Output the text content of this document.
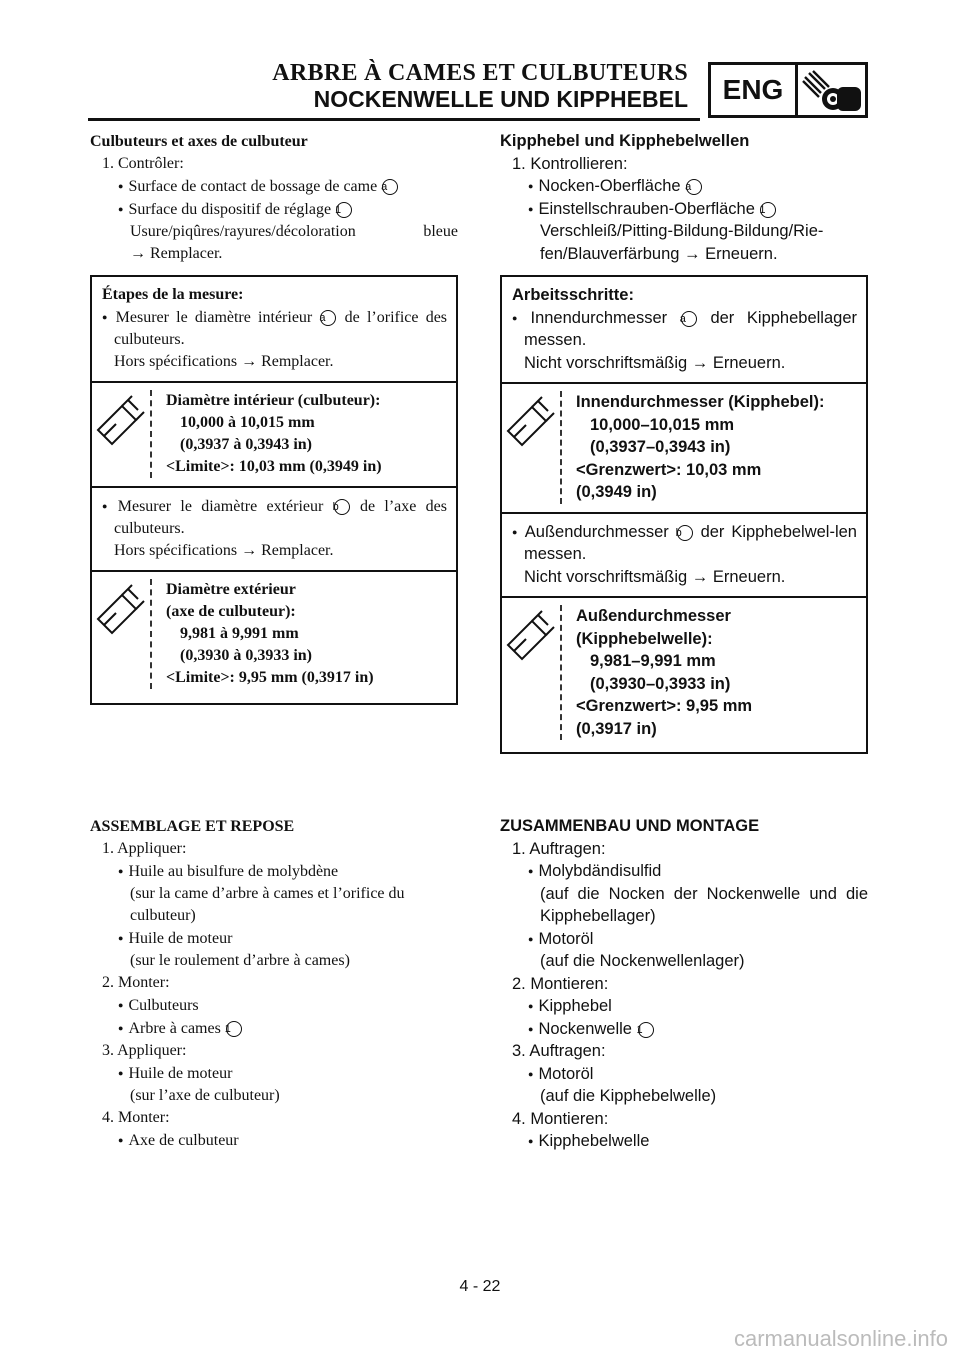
ARBRE À CAMES ET CULBUTEURS
NOCKENWELLE UND KIPPHEBEL	ENG
Culbuteurs et axes de culbuteur
1. Contrôler:
● Surface de contact de bossage de came a
● Surface du dispositif de réglage 1
Usure/piqûres/rayures/décoloration bleue
→ Remplacer.
Étapes de la mesure:
● Mesurer le diamètre intérieur a de l’orifice des culbuteurs.
Hors spécifications → Remplacer.
Diamètre intérieur (culbuteur):
10,000 à 10,015 mm
(0,3937 à 0,3943 in)
<Limite>: 10,03 mm (0,3949 in)
● Mesurer le diamètre extérieur b de l’axe des culbuteurs.
Hors spécifications → Remplacer.
Diamètre extérieur
(axe de culbuteur):
9,981 à 9,991 mm
(0,3930 à 0,3933 in)
<Limite>: 9,95 mm (0,3917 in)
ASSEMBLAGE ET REPOSE
1. Appliquer:
● Huile au bisulfure de molybdène
(sur la came d’arbre à cames et l’orifice du culbuteur)
● Huile de moteur
(sur le roulement d’arbre à cames)
2. Monter:
● Culbuteurs
● Arbre à cames 1
3. Appliquer:
● Huile de moteur
(sur l’axe de culbuteur)
4. Monter:
● Axe de culbuteur
Kipphebel und Kipphebelwellen
1. Kontrollieren:
● Nocken-Oberfläche a
● Einstellschrauben-Oberfläche 1
Verschleiß/Pitting-Bildung-Bildung/Rie-fen/Blauverfärbung → Erneuern.
Arbeitsschritte:
● Innendurchmesser a der Kipphebellager messen.
Nicht vorschriftsmäßig → Erneuern.
Innendurchmesser (Kipphebel):
10,000–10,015 mm
(0,3937–0,3943 in)
<Grenzwert>: 10,03 mm
(0,3949 in)
● Außendurchmesser b der Kipphebelwel-len messen.
Nicht vorschriftsmäßig → Erneuern.
Außendurchmesser
(Kipphebelwelle):
9,981–9,991 mm
(0,3930–0,3933 in)
<Grenzwert>: 9,95 mm
(0,3917 in)
ZUSAMMENBAU UND MONTAGE
1. Auftragen:
● Molybdändisulfid
(auf die Nocken der Nockenwelle und die Kipphebellager)
● Motoröl
(auf die Nockenwellenlager)
2. Montieren:
● Kipphebel
● Nockenwelle 1
3. Auftragen:
● Motoröl
(auf die Kipphebelwelle)
4. Montieren:
● Kipphebelwelle
4 - 22
carmanualsonline.info
